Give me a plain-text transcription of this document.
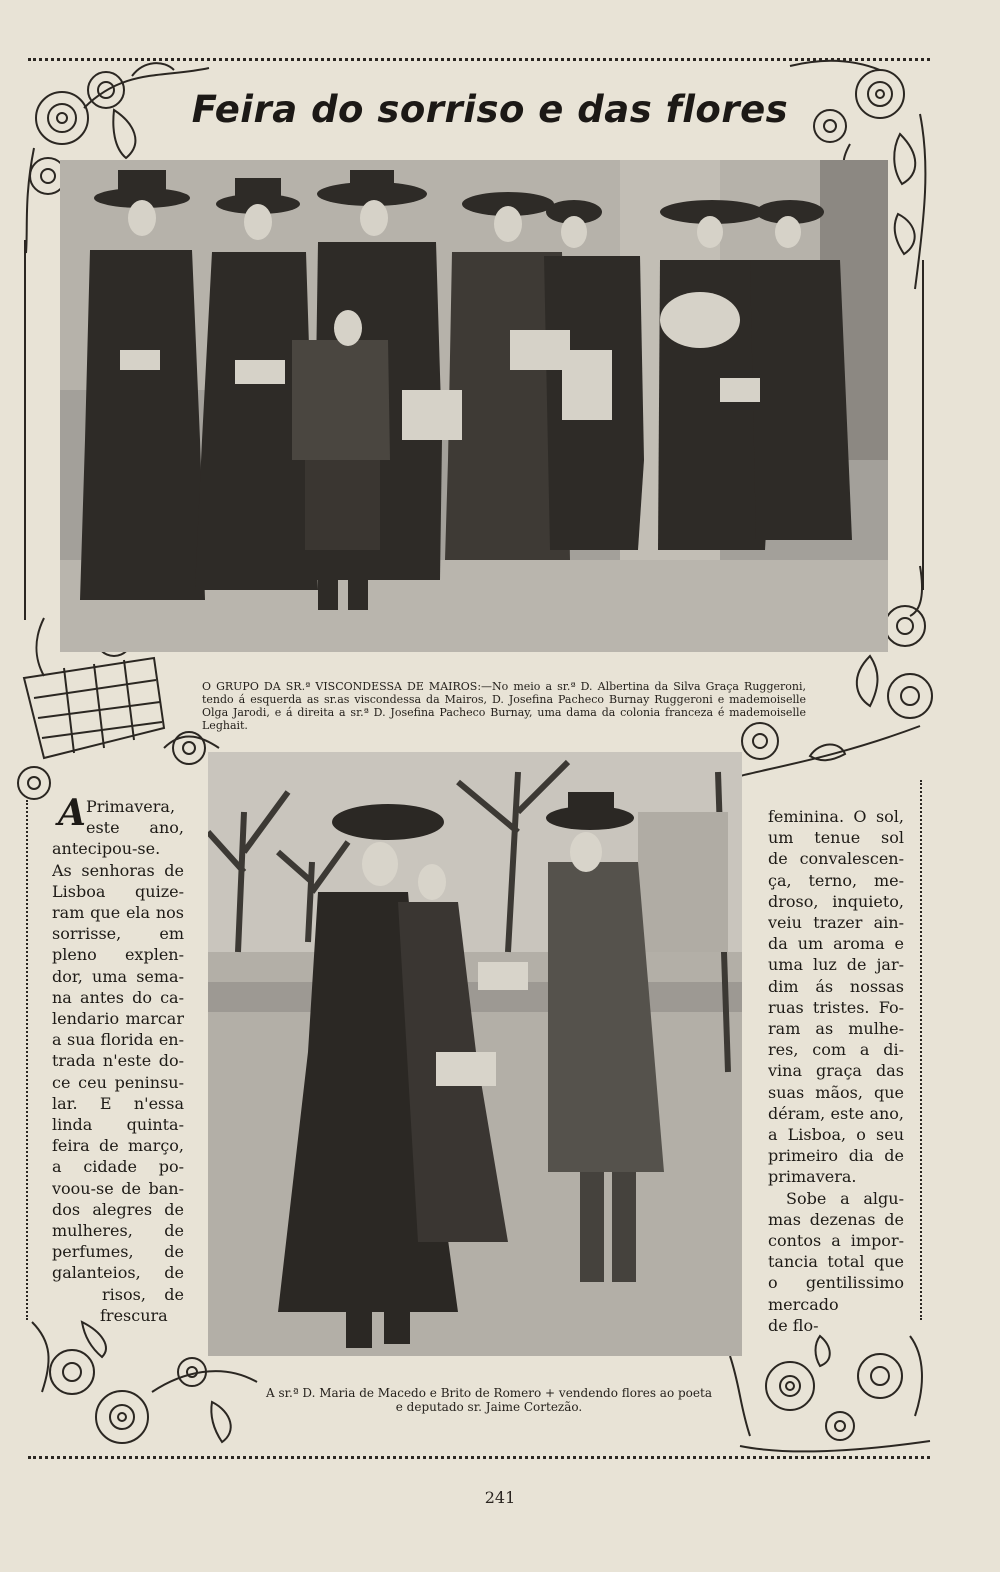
Feira do sorriso e das flores
O GRUPO DA SR.ª VISCONDESSA DE MAIROS:—No meio a sr.ª D. Albertina da Silva Graça Ruggeroni, tendo á esquerda as sr.as viscondessa da Mairos, D. Josefina Pacheco Burnay Ruggeroni e mademoiselle Olga Jarodi, e á direita a sr.ª D. Josefina Pacheco Burnay, uma dama da colonia franceza é mademoiselle Leghait.
A sr.ª D. Maria de Macedo e Brito de Romero + vendendo flores ao poeta e deputado sr. Jaime Cortezão.
A Primavera,
este ano,
antecipou-se.
As senhoras de
Lisboa quize-
ram que ela nos
sorrisse, em
pleno explen-
dor, uma sema-
na antes do ca-
lendario marcar
a sua florida en-
trada n'este do-
ce ceu peninsu-
lar. E n'essa
linda quinta-
feira de março,
a cidade po-
voou-se de ban-
dos alegres de
mulheres, de
perfumes, de
galanteios, de
risos, de
frescura
feminina. O sol,
um tenue sol
de convalescen-
ça, terno, me-
droso, inquieto,
veiu trazer ain-
da um aroma e
uma luz de jar-
dim ás nossas
ruas tristes. Fo-
ram as mulhe-
res, com a di-
vina graça das
suas mãos, que
déram, este ano,
a Lisboa, o seu
primeiro dia de
primavera.
Sobe a algu-
mas dezenas de
contos a impor-
tancia total que
o gentilissimo
mercado
de flo-
241
